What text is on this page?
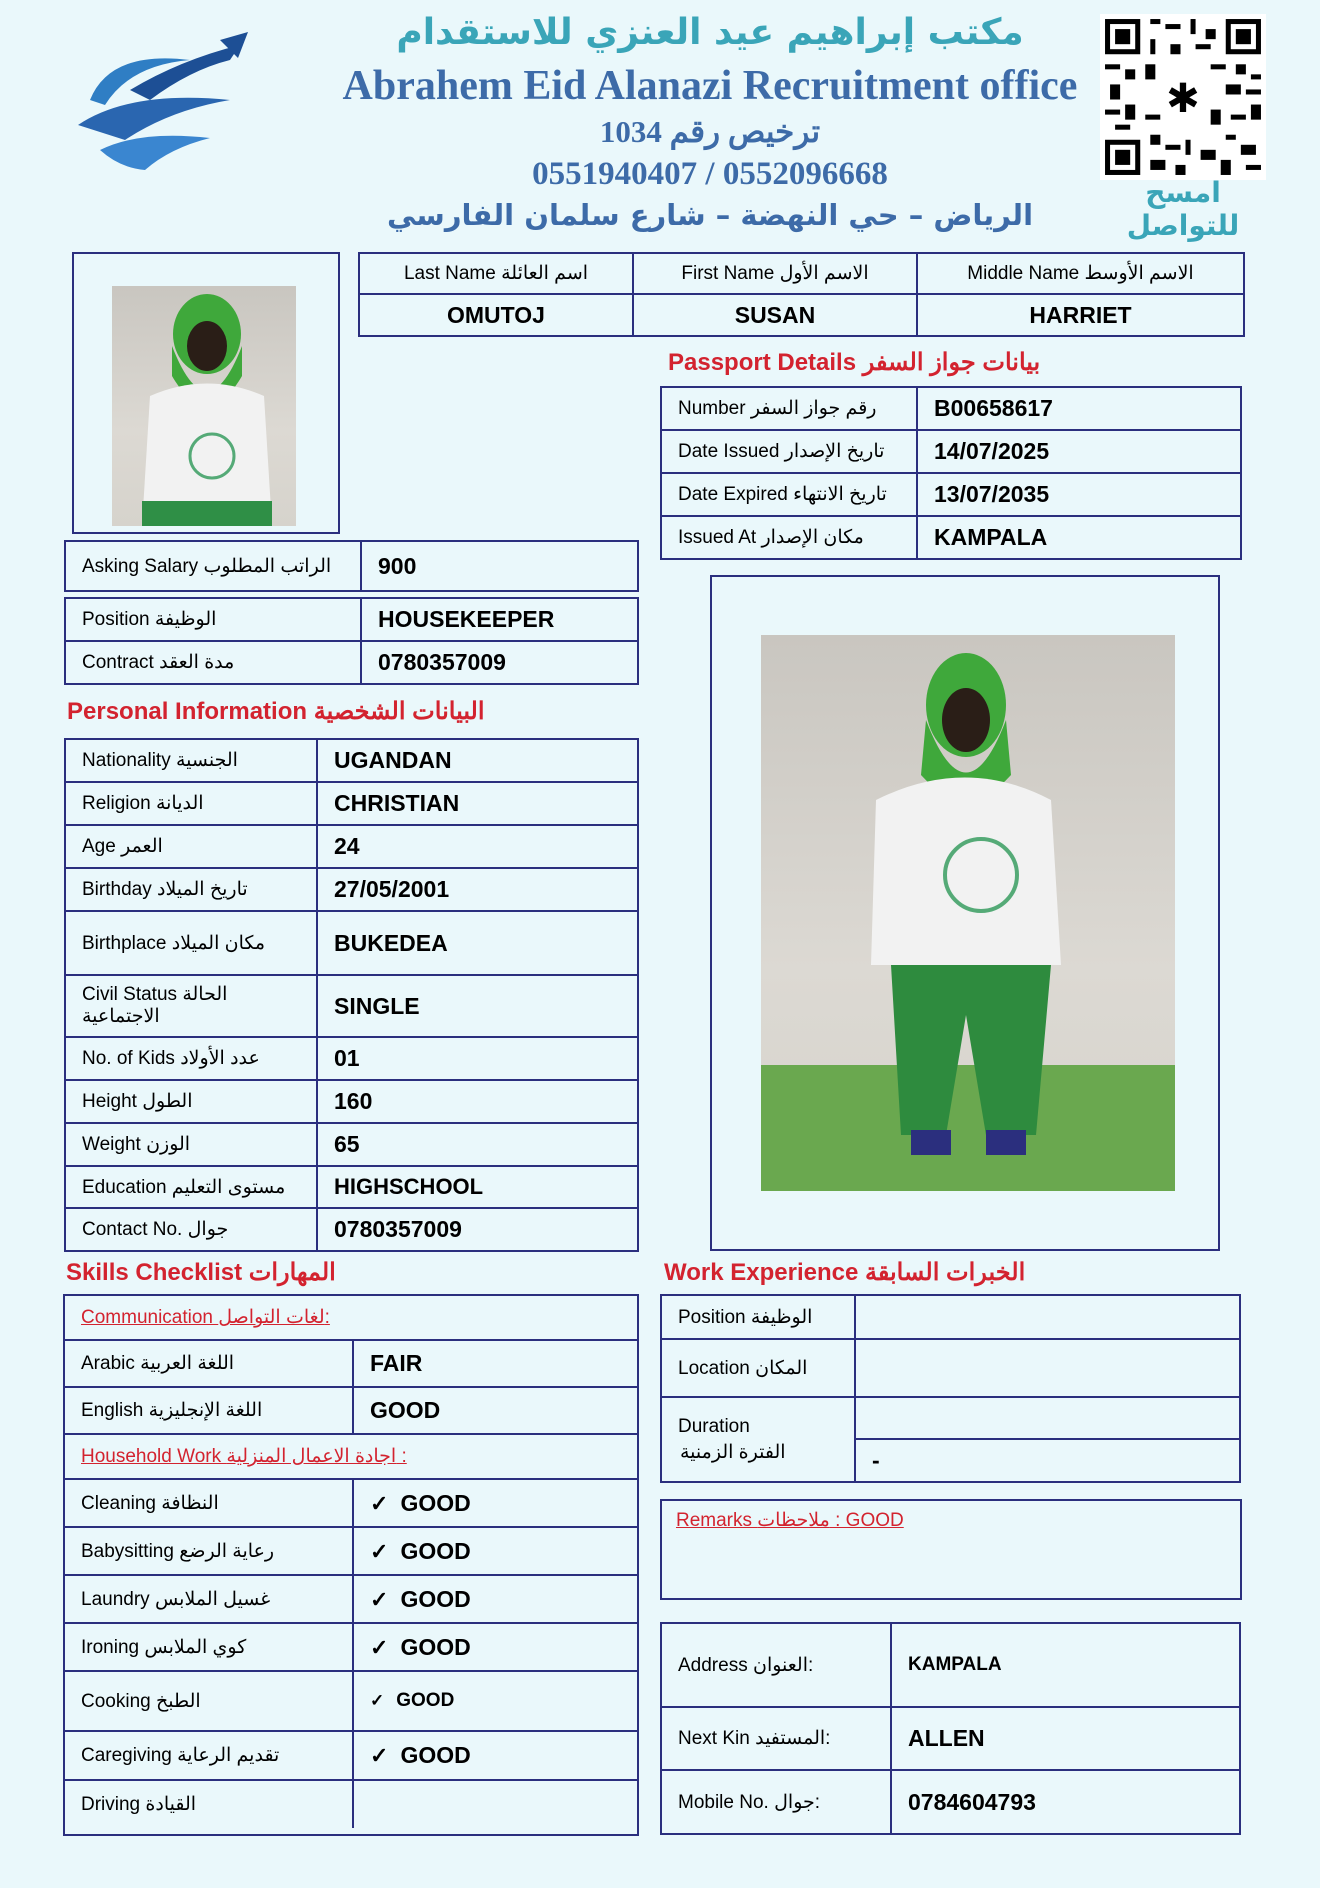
مكتب إبراهيم عيد العنزي للاستقدام
Abrahem Eid Alanazi Recruitment office
ترخيص رقم 1034
0551940407 / 0552096668
الرياض – حي النهضة – شارع سلمان الفارسي
✱
امسح للتواصل
Last Name اسم العائلة	First Name الاسم الأول	Middle Name الاسم الأوسط
OMUTOJ	SUSAN	HARRIET
Passport Details بيانات جواز السفر
Number رقم جواز السفر	B00658617
Date Issued تاريخ الإصدار	14/07/2025
Date Expired تاريخ الانتهاء	13/07/2035
Issued At مكان الإصدار	KAMPALA
Asking Salary الراتب المطلوب	900
Position الوظيفة	HOUSEKEEPER
Contract مدة العقد	0780357009
Personal Information البيانات الشخصية
Nationality الجنسية	UGANDAN
Religion الديانة	CHRISTIAN
Age العمر	24
Birthday تاريخ الميلاد	27/05/2001
Birthplace مكان الميلاد	BUKEDEA
Civil Status الحالة الاجتماعية	SINGLE
No. of Kids عدد الأولاد	01
Height الطول	160
Weight الوزن	65
Education مستوى التعليم	HIGHSCHOOL
Contact No. جوال	0780357009
Skills Checklist المهارات
Communication لغات التواصل:	
Arabic اللغة العربية	FAIR
English اللغة الإنجليزية	GOOD
Household Work اجادة الاعمال المنزلية :	
Cleaning النظافة	✓ GOOD
Babysitting رعاية الرضع	✓ GOOD
Laundry غسيل الملابس	✓ GOOD
Ironing كوي الملابس	✓ GOOD
Cooking الطبخ	✓ GOOD
Caregiving تقديم الرعاية	✓ GOOD
Driving القيادة	
Work Experience الخبرات السابقة
Position الوظيفة	
Location المكان	
Duration
الفترة الزمنية	
	-
Remarks ملاحظات : GOOD
Address العنوان:	KAMPALA
Next Kin المستفيد:	ALLEN
Mobile No. جوال:	0784604793
